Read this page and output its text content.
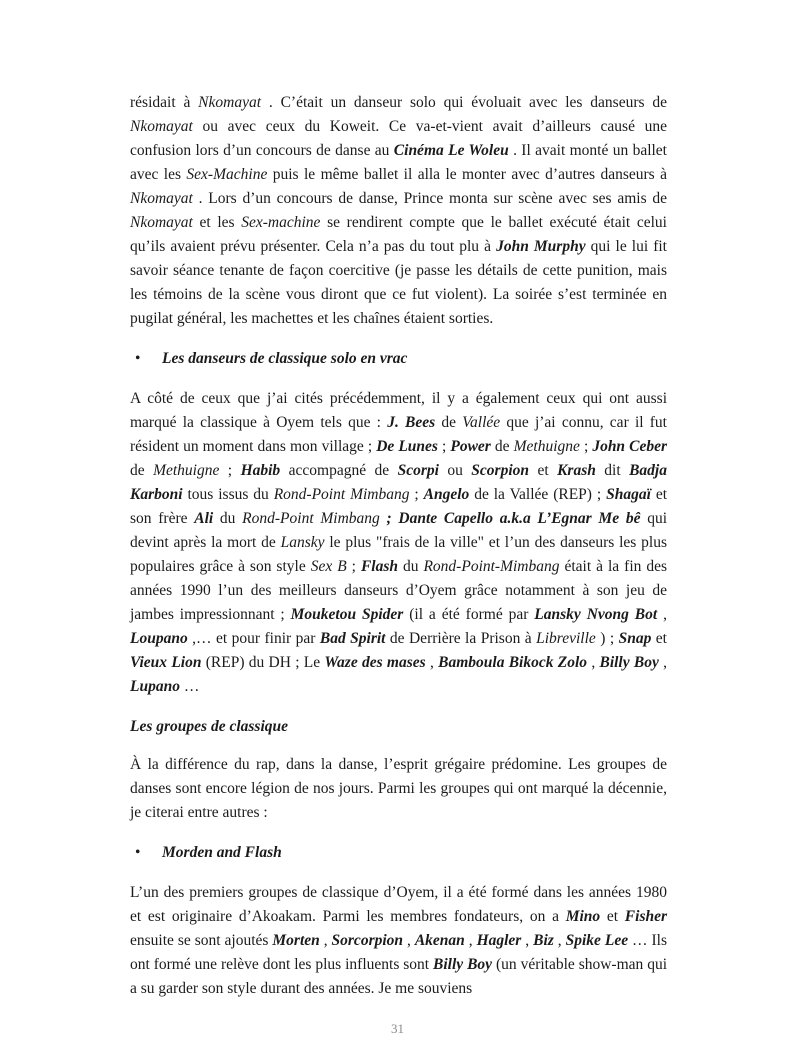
résidait à Nkomayat . C’était un danseur solo qui évoluait avec les danseurs de Nkomayat ou avec ceux du Koweit. Ce va-et-vient avait d’ailleurs causé une confusion lors d’un concours de danse au Cinéma Le Woleu . Il avait monté un ballet avec les Sex-Machine puis le même ballet il alla le monter avec d’autres danseurs à Nkomayat . Lors d’un concours de danse, Prince monta sur scène avec ses amis de Nkomayat et les Sex-machine se rendirent compte que le ballet exécuté était celui qu’ils avaient prévu présenter. Cela n’a pas du tout plu à John Murphy qui le lui fit savoir séance tenante de façon coercitive (je passe les détails de cette punition, mais les témoins de la scène vous diront que ce fut violent). La soirée s’est terminée en pugilat général, les machettes et les chaînes étaient sorties.

•	Les danseurs de classique solo en vrac

A côté de ceux que j’ai cités précédemment, il y a également ceux qui ont aussi marqué la classique à Oyem tels que : J. Bees de Vallée que j’ai connu, car il fut résident un moment dans mon village ; De Lunes ; Power de Methuigne ; John Ceber de Methuigne ; Habib accompagné de Scorpi ou Scorpion et Krash dit Badja Karboni tous issus du Rond-Point Mimbang ; Angelo de la Vallée (REP) ; Shagaï et son frère Ali du Rond-Point Mimbang ; Dante Capello a.k.a L’Egnar Me bê qui devint après la mort de Lansky le plus "frais de la ville" et l’un des danseurs les plus populaires grâce à son style Sex B ; Flash du Rond-Point-Mimbang était à la fin des années 1990 l’un des meilleurs danseurs d’Oyem grâce notamment à son jeu de jambes impressionnant ; Mouketou Spider (il a été formé par Lansky Nvong Bot , Loupano ,… et pour finir par Bad Spirit de Derrière la Prison à Libreville ) ; Snap et Vieux Lion (REP) du DH ; Le Waze des mases , Bamboula Bikock Zolo , Billy Boy , Lupano …

Les groupes de classique

À la différence du rap, dans la danse, l’esprit grégaire prédomine. Les groupes de danses sont encore légion de nos jours. Parmi les groupes qui ont marqué la décennie, je citerai entre autres :

•	Morden and Flash

L’un des premiers groupes de classique d’Oyem, il a été formé dans les années 1980 et est originaire d’Akoakam. Parmi les membres fondateurs, on a Mino et Fisher ensuite se sont ajoutés Morten , Sorcorpion , Akenan , Hagler , Biz , Spike Lee … Ils ont formé une relève dont les plus influents sont Billy Boy (un véritable show-man qui a su garder son style durant des années. Je me souviens

31
